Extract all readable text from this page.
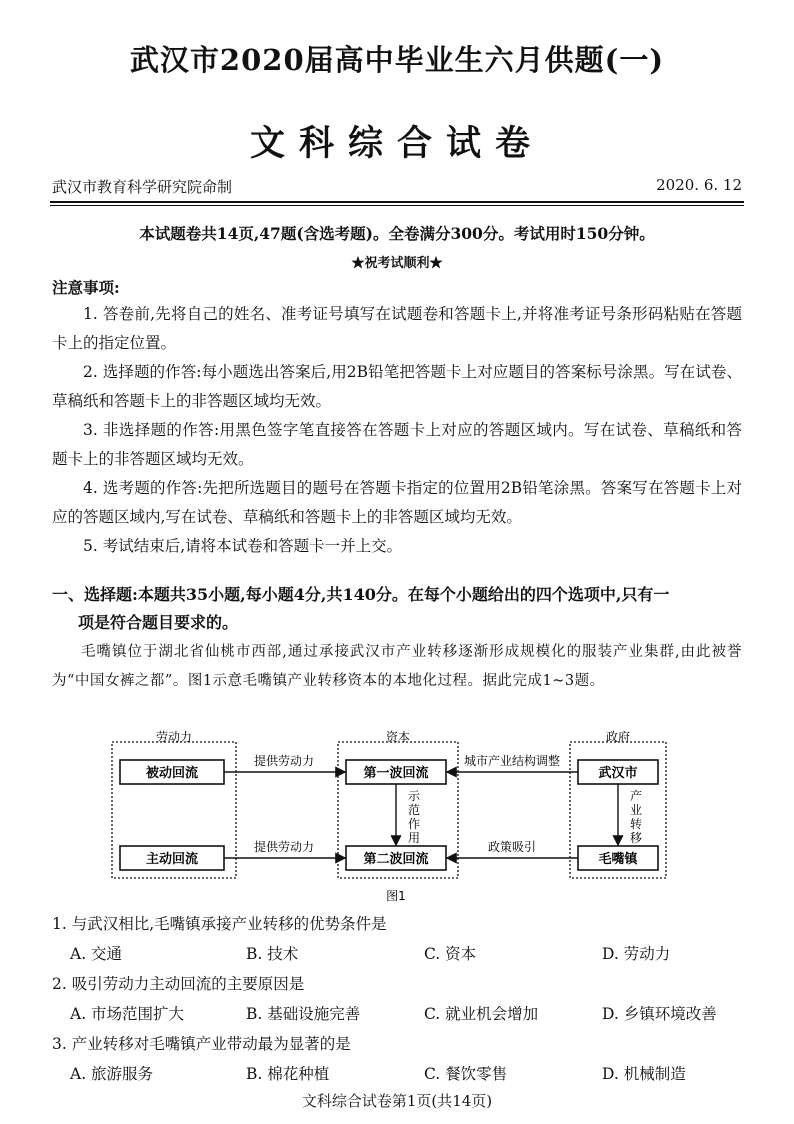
武汉市2020届高中毕业生六月供题(一)
文科综合试卷
武汉市教育科学研究院命制	2020. 6. 12
本试题卷共14页,47题(含选考题)。全卷满分300分。考试用时150分钟。
★祝考试顺利★
注意事项:
1. 答卷前,先将自己的姓名、准考证号填写在试题卷和答题卡上,并将准考证号条形码粘贴在答题卡上的指定位置。
2. 选择题的作答:每小题选出答案后,用2B铅笔把答题卡上对应题目的答案标号涂黑。写在试卷、草稿纸和答题卡上的非答题区域均无效。
3. 非选择题的作答:用黑色签字笔直接答在答题卡上对应的答题区域内。写在试卷、草稿纸和答题卡上的非答题区域均无效。
4. 选考题的作答:先把所选题目的题号在答题卡指定的位置用2B铅笔涂黑。答案写在答题卡上对应的答题区域内,写在试卷、草稿纸和答题卡上的非答题区域均无效。
5. 考试结束后,请将本试卷和答题卡一并上交。
一、选择题:本题共35小题,每小题4分,共140分。在每个小题给出的四个选项中,只有一
项是符合题目要求的。
毛嘴镇位于湖北省仙桃市西部,通过承接武汉市产业转移逐渐形成规模化的服装产业集群,由此被誉为“中国女裤之都”。图1示意毛嘴镇产业转移资本的本地化过程。据此完成1~3题。
劳动力	资本	政府
被动回流
主动回流
第一波回流
第二波回流
武汉市
毛嘴镇
提供劳动力
提供劳动力
城市产业结构调整
政策吸引
示
范
作
用
产
业
转
移
图1
1. 与武汉相比,毛嘴镇承接产业转移的优势条件是
A. 交通	B. 技术	C. 资本	D. 劳动力
2. 吸引劳动力主动回流的主要原因是
A. 市场范围扩大	B. 基础设施完善	C. 就业机会增加	D. 乡镇环境改善
3. 产业转移对毛嘴镇产业带动最为显著的是
A. 旅游服务	B. 棉花种植	C. 餐饮零售	D. 机械制造
文科综合试卷第1页(共14页)
